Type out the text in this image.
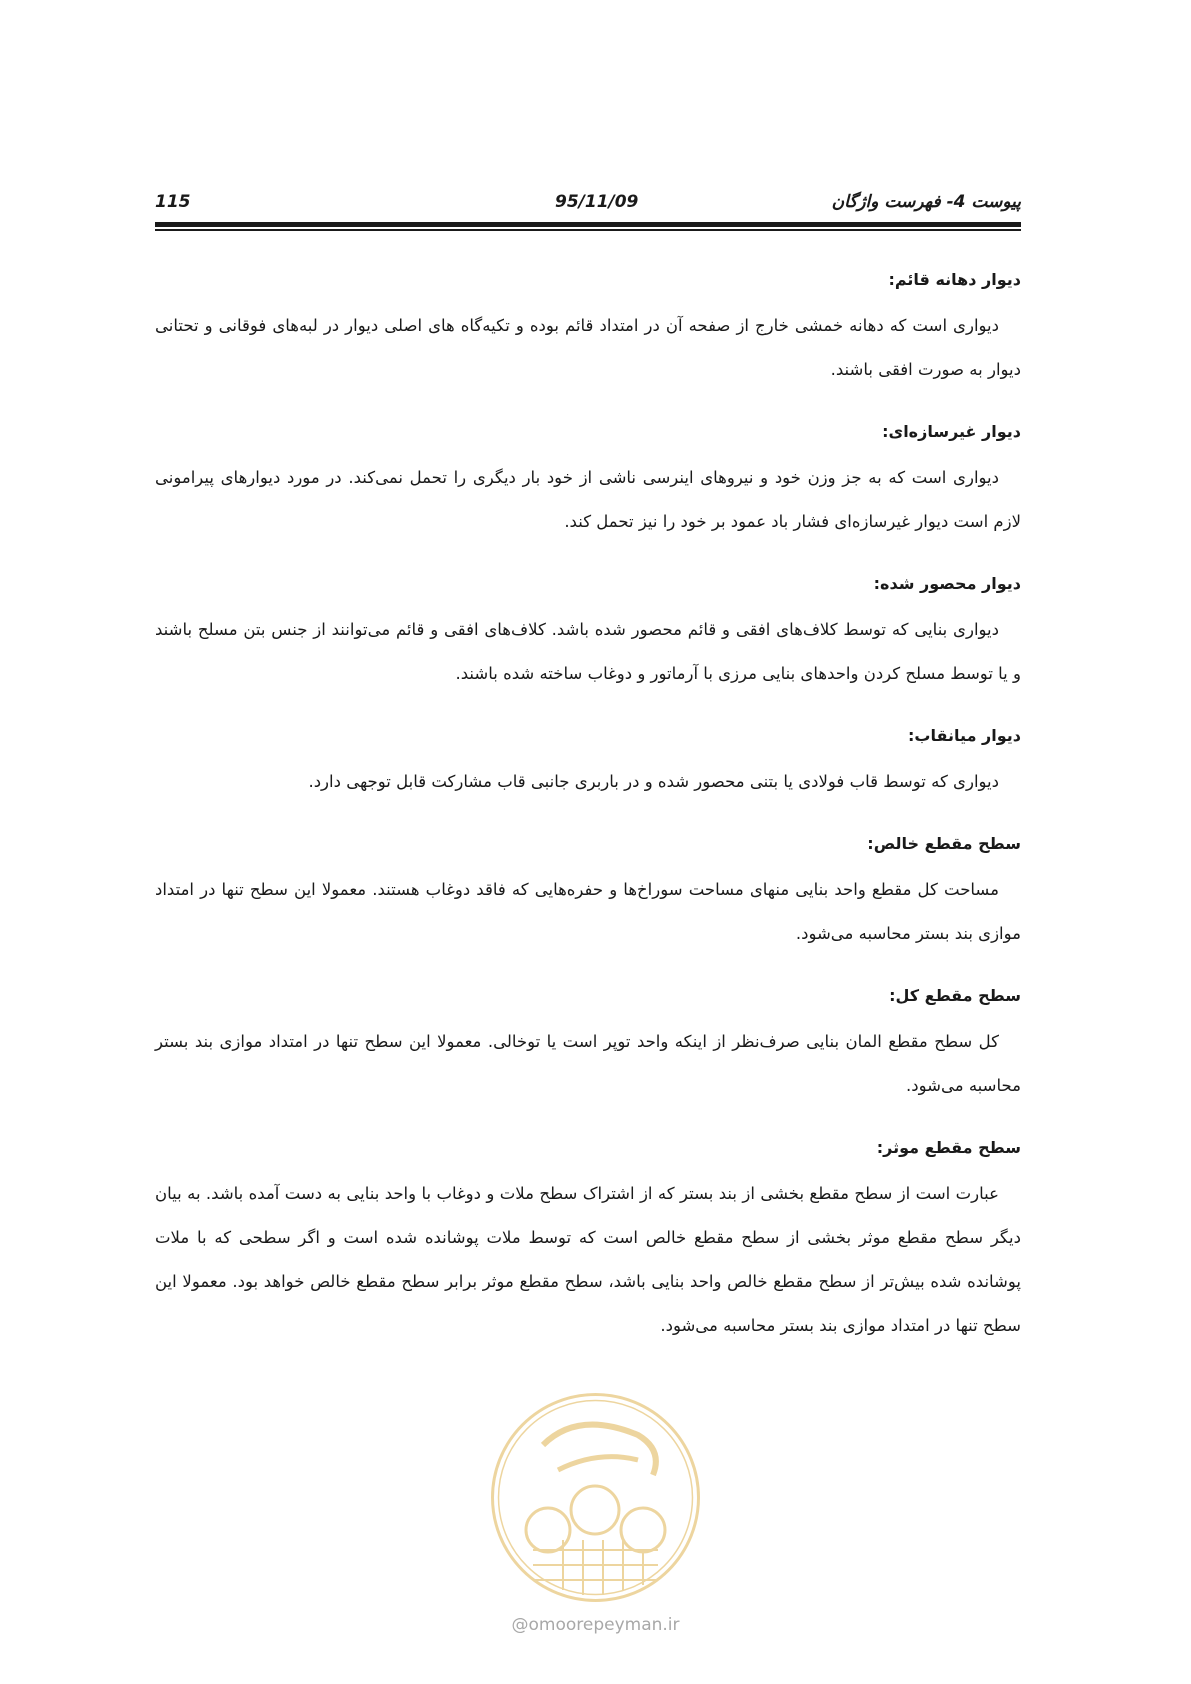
115	95/11/09	پیوست 4- فهرست واژگان
دیوار دهانه قائم:

دیواری است که دهانه خمشی خارج از صفحه آن در امتداد قائم بوده و تکیه‌گاه های اصلی دیوار در لبه‌های فوقانی و تحتانی دیوار به صورت افقی باشند.

دیوار غیرسازه‌ای:

دیواری است که به جز وزن خود و نیروهای اینرسی ناشی از خود بار دیگری را تحمل نمی‌کند. در مورد دیوارهای پیرامونی لازم است دیوار غیرسازه‌ای فشار باد عمود بر خود را نیز تحمل کند.

دیوار محصور شده:

دیواری بنایی که توسط کلاف‌های افقی و قائم محصور شده باشد. کلاف‌های افقی و قائم می‌توانند از جنس بتن مسلح باشند و یا توسط مسلح کردن واحدهای بنایی مرزی با آرماتور و دوغاب ساخته شده باشند.

دیوار میانقاب:

دیواری که توسط قاب فولادی یا بتنی محصور شده و در باربری جانبی قاب مشارکت قابل توجهی دارد.

سطح مقطع خالص:

مساحت کل مقطع واحد بنایی منهای مساحت سوراخ‌ها و حفره‌هایی که فاقد دوغاب هستند. معمولا این سطح تنها در امتداد موازی بند بستر محاسبه می‌شود.

سطح مقطع کل:

کل سطح مقطع المان بنایی صرف‌نظر از اینکه واحد توپر است یا توخالی. معمولا این سطح تنها در امتداد موازی بند بستر محاسبه می‌شود.

سطح مقطع موثر:

عبارت است از سطح مقطع بخشی از بند بستر که از اشتراک سطح ملات و دوغاب با واحد بنایی به دست آمده باشد. به بیان دیگر سطح مقطع موثر بخشی از سطح مقطع خالص است که توسط ملات پوشانده شده است و اگر سطحی که با ملات پوشانده شده بیش‌تر از سطح مقطع خالص واحد بنایی باشد، سطح مقطع موثر برابر سطح مقطع خالص خواهد بود. معمولا این سطح تنها در امتداد موازی بند بستر محاسبه می‌شود.

@omoorepeyman.ir
